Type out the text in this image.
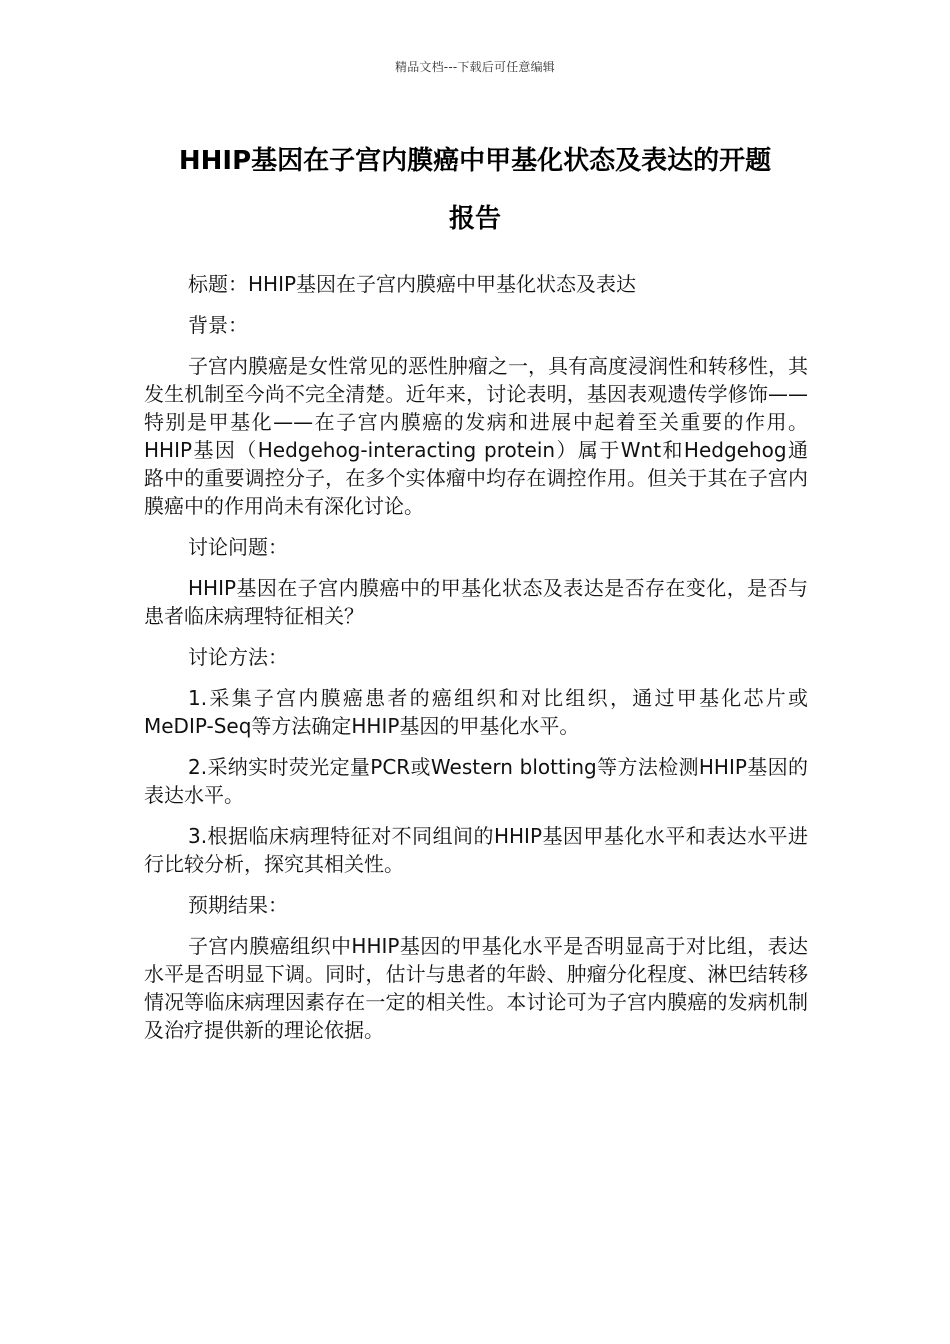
精品文档---下载后可任意编辑
HHIP基因在子宫内膜癌中甲基化状态及表达的开题
报告

标题：HHIP基因在子宫内膜癌中甲基化状态及表达

背景：

子宫内膜癌是女性常见的恶性肿瘤之一，具有高度浸润性和转移性，其发生机制至今尚不完全清楚。近年来，讨论表明，基因表观遗传学修饰——特别是甲基化——在子宫内膜癌的发病和进展中起着至关重要的作用。HHIP基因（Hedgehog-interacting protein）属于Wnt和Hedgehog通路中的重要调控分子，在多个实体瘤中均存在调控作用。但关于其在子宫内膜癌中的作用尚未有深化讨论。

讨论问题：

HHIP基因在子宫内膜癌中的甲基化状态及表达是否存在变化，是否与患者临床病理特征相关？

讨论方法：

1.采集子宫内膜癌患者的癌组织和对比组织，通过甲基化芯片或MeDIP-Seq等方法确定HHIP基因的甲基化水平。

2.采纳实时荧光定量PCR或Western blotting等方法检测HHIP基因的表达水平。

3.根据临床病理特征对不同组间的HHIP基因甲基化水平和表达水平进行比较分析，探究其相关性。

预期结果：

子宫内膜癌组织中HHIP基因的甲基化水平是否明显高于对比组，表达水平是否明显下调。同时，估计与患者的年龄、肿瘤分化程度、淋巴结转移情况等临床病理因素存在一定的相关性。本讨论可为子宫内膜癌的发病机制及治疗提供新的理论依据。
